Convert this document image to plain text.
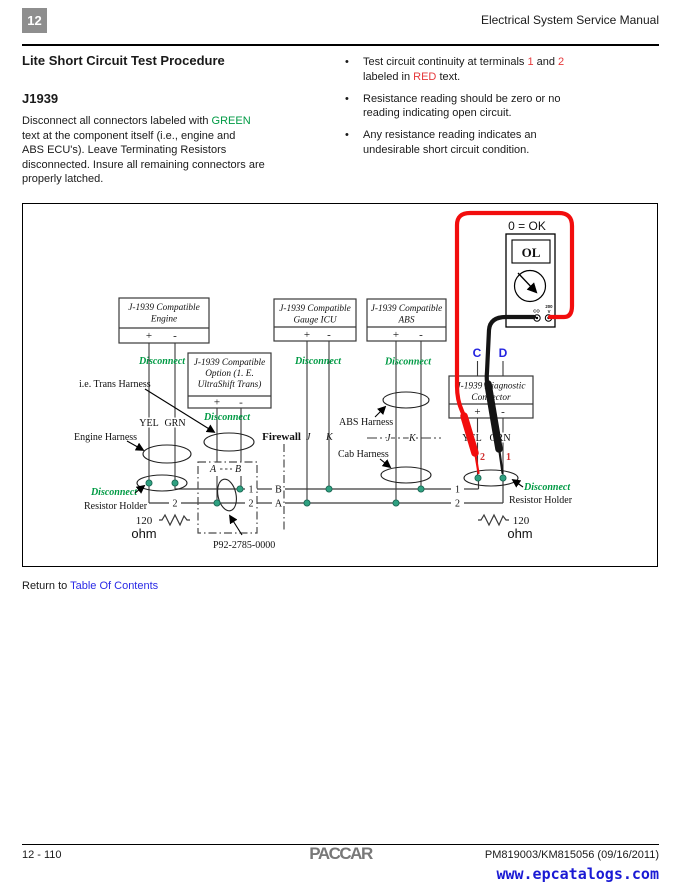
12	Electrical System Service Manual
Lite Short Circuit Test Procedure
J1939
Disconnect all connectors labeled with GREEN
text at the component itself (i.e., engine and
ABS ECU's). Leave Terminating Resistors
disconnected. Insure all remaining connectors are
properly latched.
•	Test circuit continuity at terminals 1 and 2
labeled in RED text.
•	Resistance reading should be zero or no
reading indicating open circuit.
•	Any resistance reading indicates an
undesirable short circuit condition.
Firewall J K
1 B	1
2	2 A	2
J-1939 Compatible
Engine
+ -
J-1939 Compatible
Gauge ICU
+ -
J-1939 Compatible
ABS
+ -
J-1939 Compatible
Option (1. E.
UltraShift Trans)
+ -
J-1939 Diagnostic
Connector
+ -
C D
Disconnect	Disconnect	Disconnect
Disconnect
Disconnect	Disconnect
YEL GRN
YEL GRN
A B
J K
i.e. Trans Harness
Engine Harness
ABS Harness
Cab Harness
Resistor Holder
Resistor Holder
P92-2785-0000
120
ohm
120
ohm
0 = OK
OL
CO
200
V
2 1
Return to Table Of Contents
12 - 110	PACCAR	PM819003/KM815056 (09/16/2011)
www.epcatalogs.com
